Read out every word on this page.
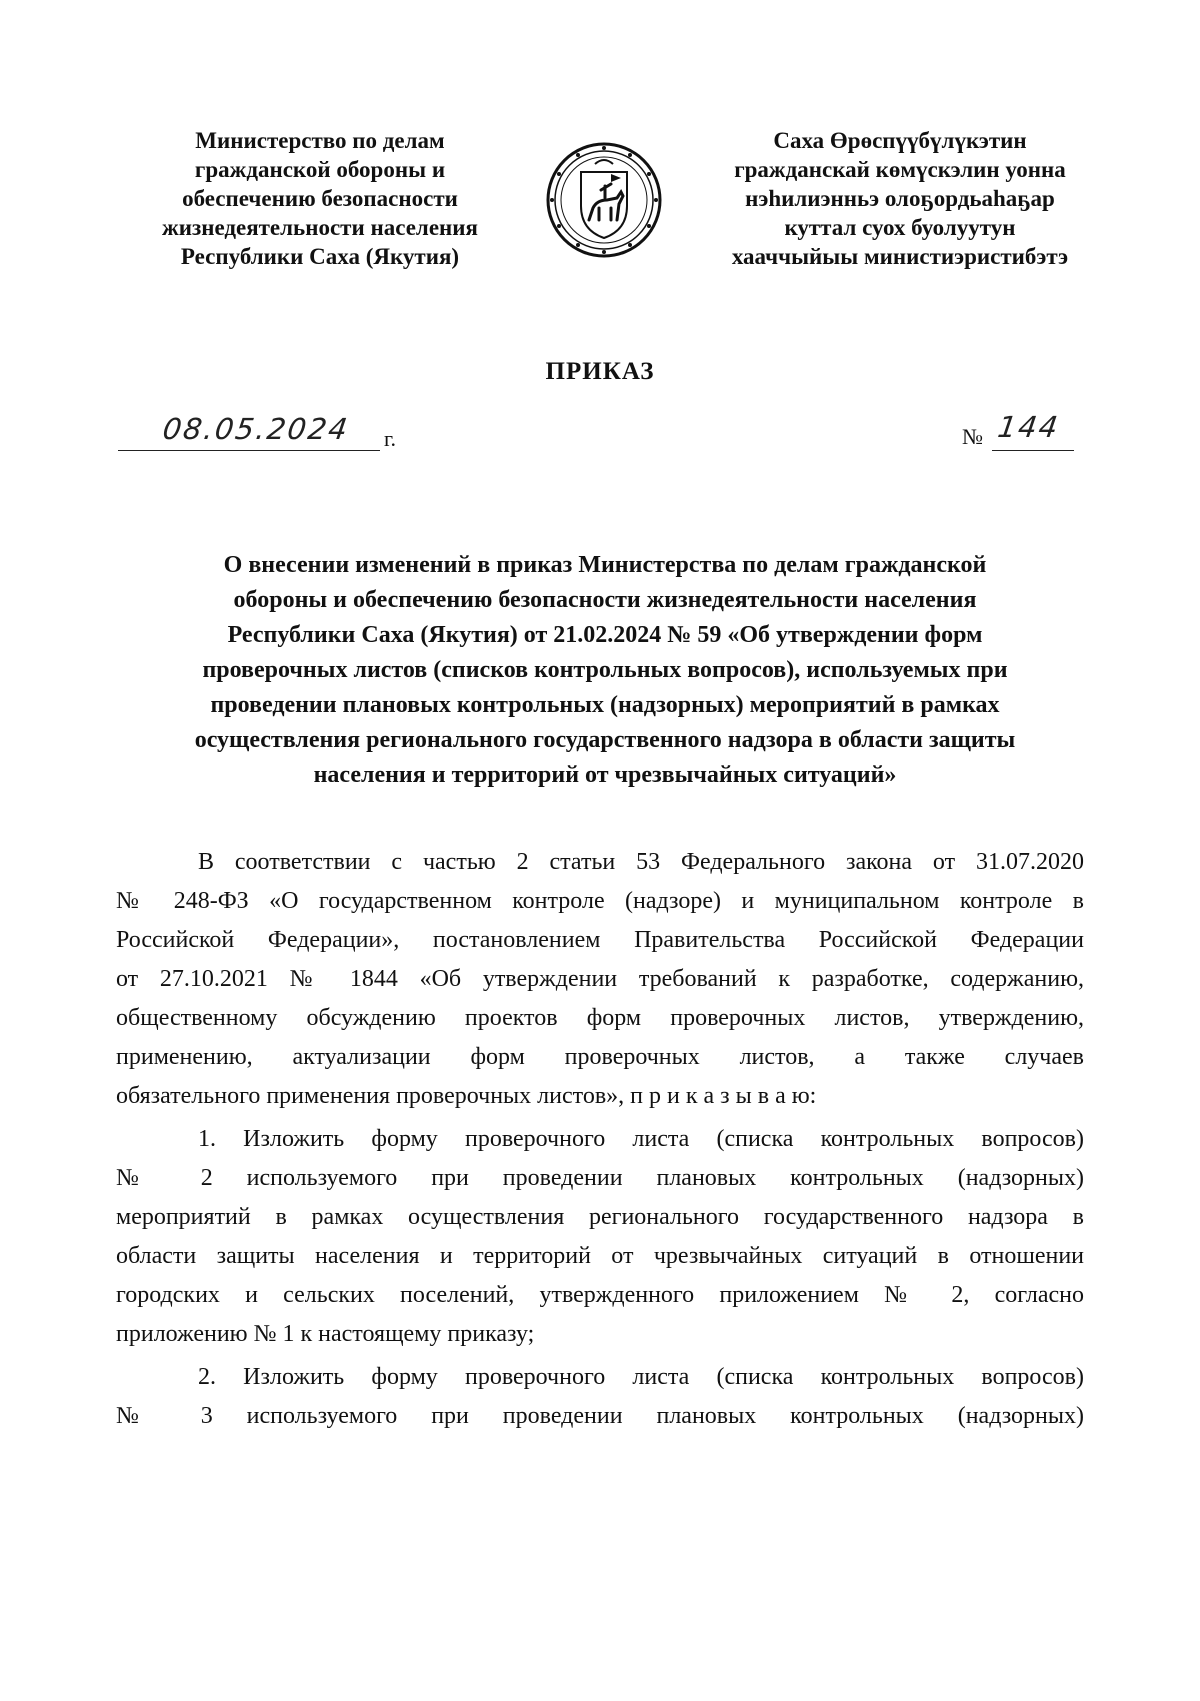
Министерство по делам
гражданской обороны и
обеспечению безопасности
жизнедеятельности населения
Республики Саха (Якутия)
Саха Өрөспүүбүлүкэтин
гражданскай көмүскэлин уонна
нэһилиэнньэ олоҕордьаһаҕар
куттал суох буолуутун
хааччыйыы министиэристибэтэ
ПРИКАЗ
08.05.2024 г.	№ 144
О внесении изменений в приказ Министерства по делам гражданской
обороны и обеспечению безопасности жизнедеятельности населения
Республики Саха (Якутия) от 21.02.2024 № 59 «Об утверждении форм
проверочных листов (списков контрольных вопросов), используемых при
проведении плановых контрольных (надзорных) мероприятий в рамках
осуществления регионального государственного надзора в области защиты
населения и территорий от чрезвычайных ситуаций»
В соответствии с частью 2 статьи 53 Федерального закона от 31.07.2020
№ 248-ФЗ «О государственном контроле (надзоре) и муниципальном контроле в
Российской Федерации», постановлением Правительства Российской Федерации
от 27.10.2021 № 1844 «Об утверждении требований к разработке, содержанию,
общественному обсуждению проектов форм проверочных листов, утверждению,
применению, актуализации форм проверочных листов, а также случаев
обязательного применения проверочных листов», п р и к а з ы в а ю:
1. Изложить форму проверочного листа (списка контрольных вопросов)
№ 2 используемого при проведении плановых контрольных (надзорных)
мероприятий в рамках осуществления регионального государственного надзора в
области защиты населения и территорий от чрезвычайных ситуаций в отношении
городских и сельских поселений, утвержденного приложением № 2, согласно
приложению № 1 к настоящему приказу;
2. Изложить форму проверочного листа (списка контрольных вопросов)
№ 3 используемого при проведении плановых контрольных (надзорных)
